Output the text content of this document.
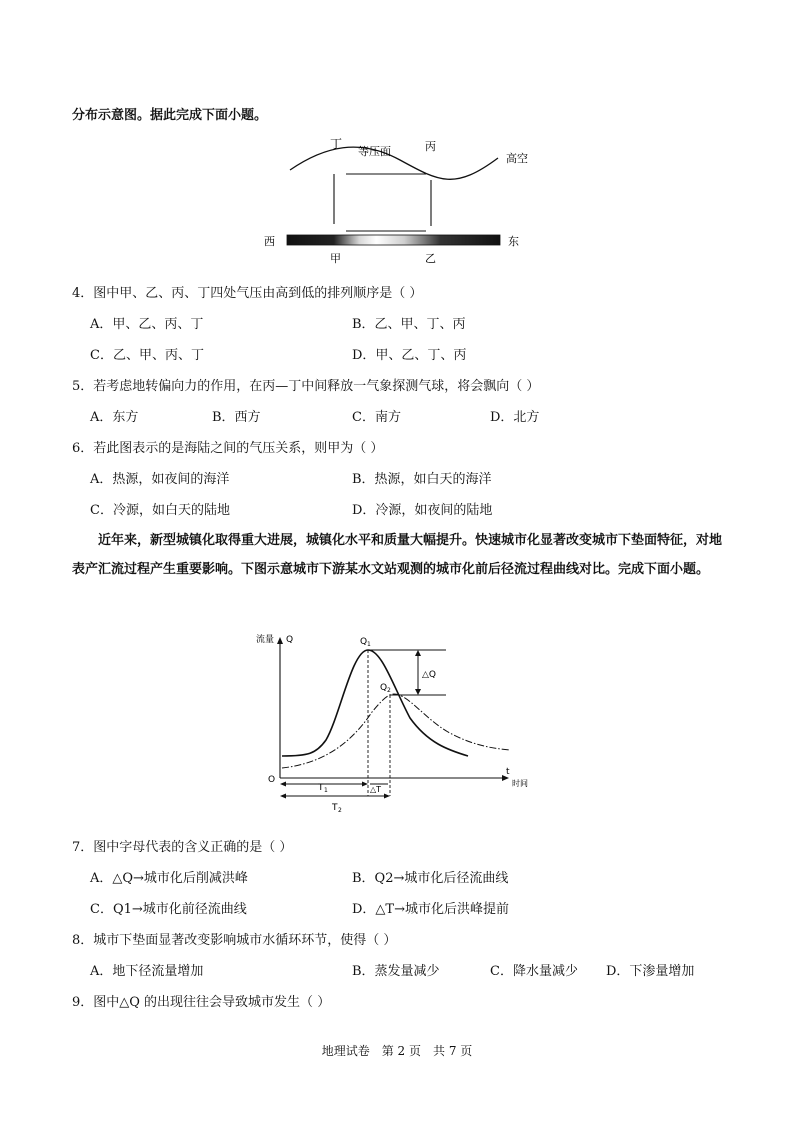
分布示意图。据此完成下面小题。
丁
等压面	丙
高空
西	东
甲	乙
4．图中甲、乙、丙、丁四处气压由高到低的排列顺序是（ ）
A．甲、乙、丙、丁	B．乙、甲、丁、丙
C．乙、甲、丙、丁	D．甲、乙、丁、丙
5．若考虑地转偏向力的作用，在丙—丁中间释放一气象探测气球，将会飘向（ ）
A．东方	B．西方	C．南方	D．北方
6．若此图表示的是海陆之间的气压关系，则甲为（ ）
A．热源，如夜间的海洋	B．热源，如白天的海洋
C．冷源，如白天的陆地	D．冷源，如夜间的陆地
近年来，新型城镇化取得重大进展，城镇化水平和质量大幅提升。快速城市化显著改变城市下垫面特征，对地表产汇流过程产生重要影响。下图示意城市下游某水文站观测的城市化前后径流过程曲线对比。完成下面小题。
流量 Q
O
t
时间
Q 1
Q 2
△Q
△T
T 1
T 2
7．图中字母代表的含义正确的是（ ）
A．△Q→城市化后削减洪峰	B．Q2→城市化后径流曲线
C．Q1→城市化前径流曲线	D．△T→城市化后洪峰提前
8．城市下垫面显著改变影响城市水循环环节，使得（ ）
A．地下径流量增加	B．蒸发量减少	C．降水量减少 D．下渗量增加
9．图中△Q 的出现往往会导致城市发生（ ）
地理试卷　第 2 页　共 7 页
